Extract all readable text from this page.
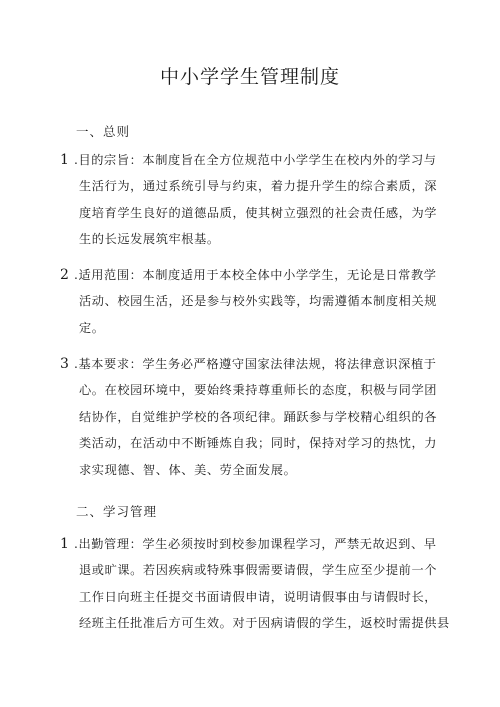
中小学学生管理制度

一、总则

1 .目的宗旨：本制度旨在全方位规范中小学学生在校内外的学习与
生活行为，通过系统引导与约束，着力提升学生的综合素质，深
度培育学生良好的道德品质，使其树立强烈的社会责任感，为学
生的长远发展筑牢根基。
2 .适用范围：本制度适用于本校全体中小学学生，无论是日常教学
活动、校园生活，还是参与校外实践等，均需遵循本制度相关规
定。
3 .基本要求：学生务必严格遵守国家法律法规，将法律意识深植于
心。在校园环境中，要始终秉持尊重师长的态度，积极与同学团
结协作，自觉维护学校的各项纪律。踊跃参与学校精心组织的各
类活动，在活动中不断锤炼自我；同时，保持对学习的热忱，力
求实现德、智、体、美、劳全面发展。

二、学习管理

1 .出勤管理：学生必须按时到校参加课程学习，严禁无故迟到、早
退或旷课。若因疾病或特殊事假需要请假，学生应至少提前一个
工作日向班主任提交书面请假申请，说明请假事由与请假时长，
经班主任批准后方可生效。对于因病请假的学生，返校时需提供县
